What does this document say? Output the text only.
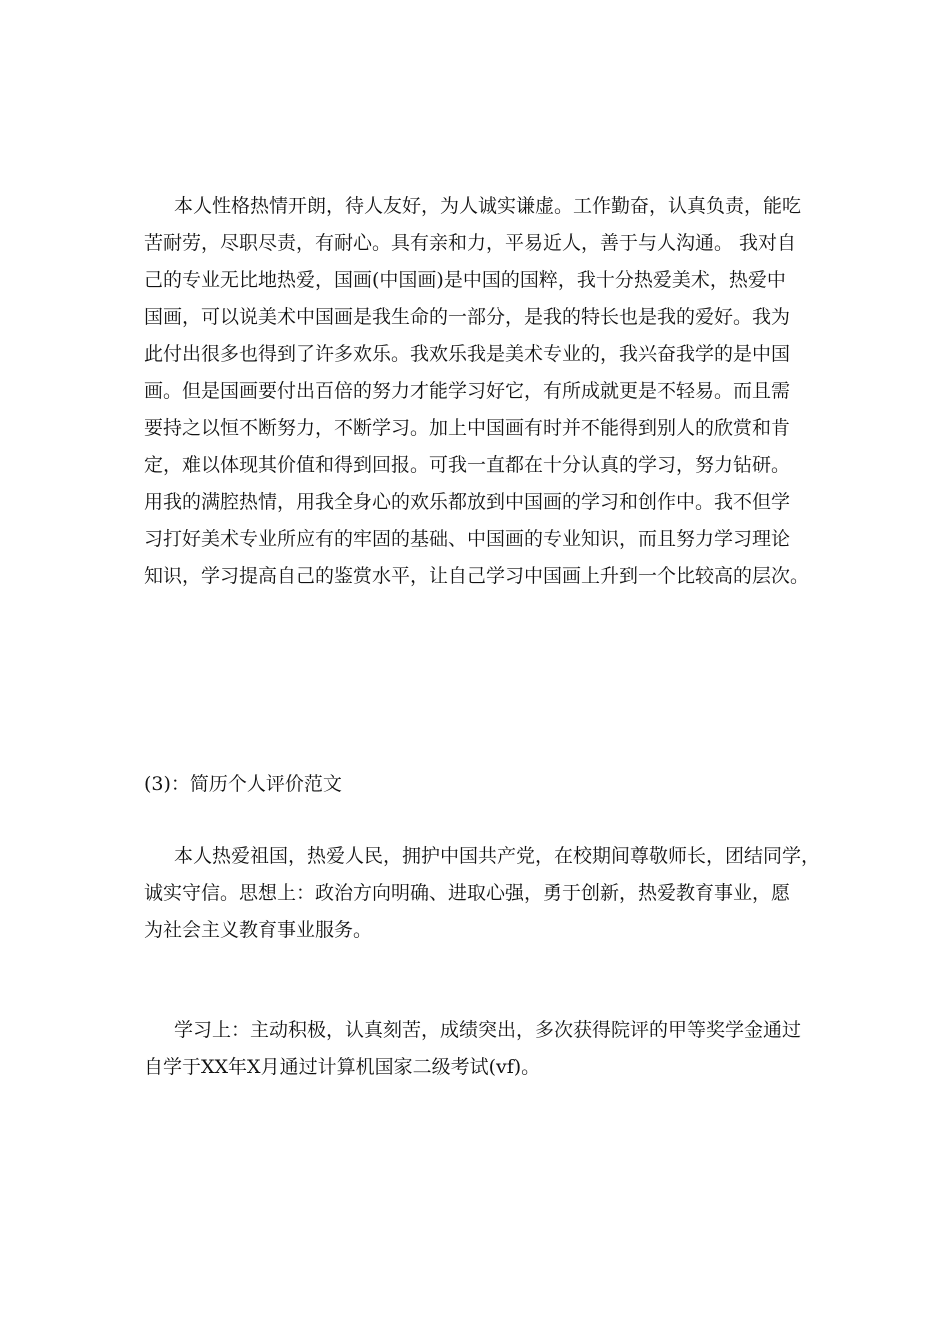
本人性格热情开朗，待人友好，为人诚实谦虚。工作勤奋，认真负责，能吃
苦耐劳，尽职尽责，有耐心。具有亲和力，平易近人，善于与人沟通。 我对自
己的专业无比地热爱，国画(中国画)是中国的国粹，我十分热爱美术，热爱中
国画，可以说美术中国画是我生命的一部分，是我的特长也是我的爱好。我为
此付出很多也得到了许多欢乐。我欢乐我是美术专业的，我兴奋我学的是中国
画。但是国画要付出百倍的努力才能学习好它，有所成就更是不轻易。而且需
要持之以恒不断努力，不断学习。加上中国画有时并不能得到别人的欣赏和肯
定，难以体现其价值和得到回报。可我一直都在十分认真的学习，努力钻研。
用我的满腔热情，用我全身心的欢乐都放到中国画的学习和创作中。我不但学
习打好美术专业所应有的牢固的基础、中国画的专业知识，而且努力学习理论
知识，学习提高自己的鉴赏水平，让自己学习中国画上升到一个比较高的层次。

(3)：简历个人评价范文

本人热爱祖国，热爱人民，拥护中国共产党，在校期间尊敬师长，团结同学，
诚实守信。思想上：政治方向明确、进取心强，勇于创新，热爱教育事业，愿
为社会主义教育事业服务。

学习上：主动积极，认真刻苦，成绩突出，多次获得院评的甲等奖学金通过
自学于XX年X月通过计算机国家二级考试(vf)。
